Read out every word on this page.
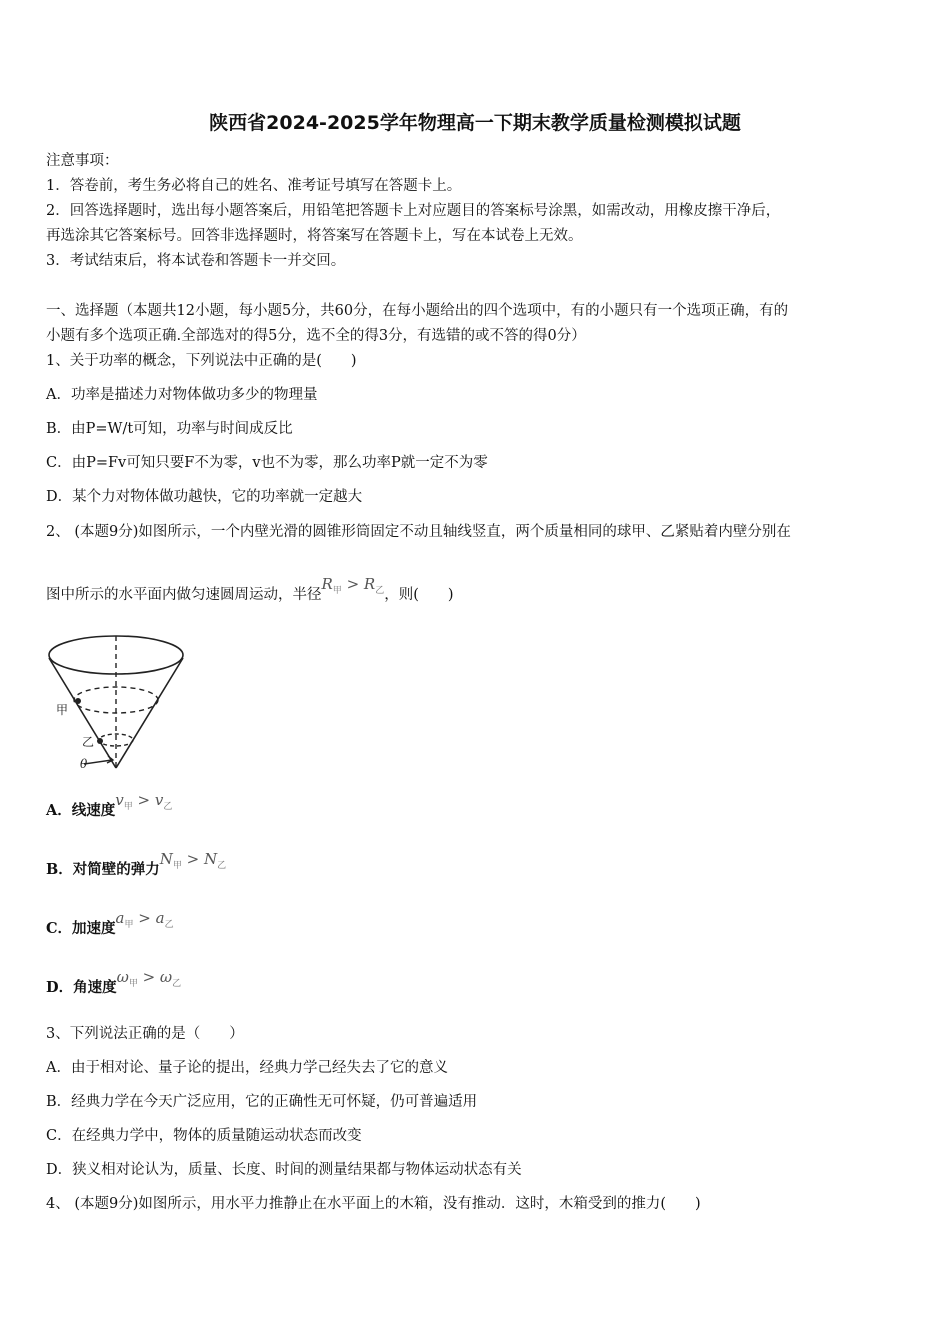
陕西省2024-2025学年物理高一下期末教学质量检测模拟试题
注意事项：
1．答卷前，考生务必将自己的姓名、准考证号填写在答题卡上。
2．回答选择题时，选出每小题答案后，用铅笔把答题卡上对应题目的答案标号涂黑，如需改动，用橡皮擦干净后，
再选涂其它答案标号。回答非选择题时，将答案写在答题卡上，写在本试卷上无效。
3．考试结束后，将本试卷和答题卡一并交回。
一、选择题（本题共12小题，每小题5分，共60分，在每小题给出的四个选项中，有的小题只有一个选项正确，有的
小题有多个选项正确.全部选对的得5分，选不全的得3分，有选错的或不答的得0分）
1、关于功率的概念，下列说法中正确的是(　　)
A．功率是描述力对物体做功多少的物理量
B．由P=W/t可知，功率与时间成反比
C．由P=Fv可知只要F不为零，v也不为零，那么功率P就一定不为零
D．某个力对物体做功越快，它的功率就一定越大
2、 (本题9分)如图所示，一个内壁光滑的圆锥形筒固定不动且轴线竖直，两个质量相同的球甲、乙紧贴着内壁分别在
图中所示的水平面内做匀速圆周运动，半径$R_甲 > R_乙$，则(　　)
甲
乙
θ
A．线速度$v_甲 > v_乙$
B．对简壁的弹力$N_甲 > N_乙$
C．加速度$a_甲 > a_乙$
D．角速度$\omega_甲 > \omega_乙$
3、下列说法正确的是（　　）
A．由于相对论、量子论的提出，经典力学己经失去了它的意义
B．经典力学在今天广泛应用，它的正确性无可怀疑，仍可普遍适用
C．在经典力学中，物体的质量随运动状态而改变
D．狭义相对论认为，质量、长度、时间的测量结果都与物体运动状态有关
4、 (本题9分)如图所示，用水平力推静止在水平面上的木箱，没有推动．这时，木箱受到的推力(　　)
